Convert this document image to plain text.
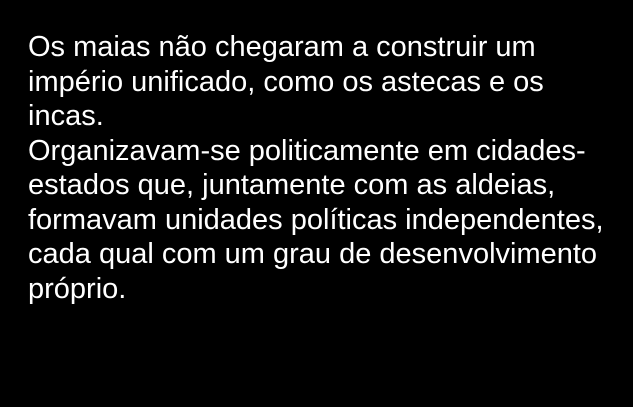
Os maias não chegaram a construir um império unificado, como os astecas e os incas.

Organizavam-se politicamente em cidades-estados que, juntamente com as aldeias, formavam unidades políticas independentes, cada qual com um grau de desenvolvimento próprio.
